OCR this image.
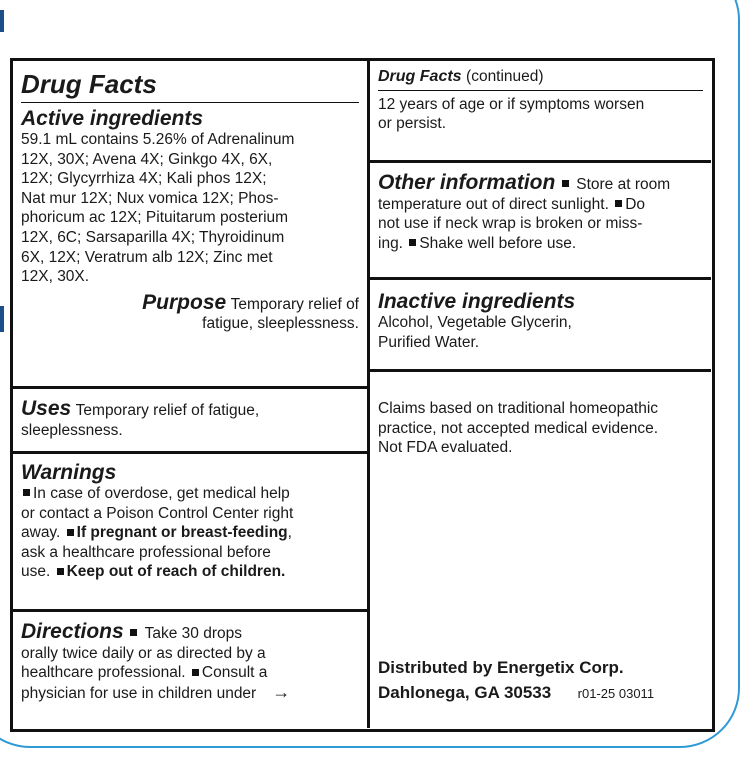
Drug Facts
Active ingredients
59.1 mL contains 5.26% of Adrenalinum
12X, 30X; Avena 4X; Ginkgo 4X, 6X,
12X; Glycyrrhiza 4X; Kali phos 12X;
Nat mur 12X; Nux vomica 12X; Phos-
phoricum ac 12X; Pituitarum posterium
12X, 6C; Sarsaparilla 4X; Thyroidinum
6X, 12X; Veratrum alb 12X; Zinc met
12X, 30X.
Purpose Temporary relief of
fatigue, sleeplessness.
Uses Temporary relief of fatigue,
sleeplessness.
Warnings
In case of overdose, get medical help
or contact a Poison Control Center right
away. If pregnant or breast-feeding,
ask a healthcare professional before
use. Keep out of reach of children.
Directions Take 30 drops
orally twice daily or as directed by a
healthcare professional. Consult a
physician for use in children under →
Drug Facts (continued)
12 years of age or if symptoms worsen
or persist.
Other information Store at room
temperature out of direct sunlight. Do
not use if neck wrap is broken or miss-
ing. Shake well before use.
Inactive ingredients
Alcohol, Vegetable Glycerin,
Purified Water.
Claims based on traditional homeopathic
practice, not accepted medical evidence.
Not FDA evaluated.
Distributed by Energetix Corp.
Dahlonega, GA 30533 r01-25 03011
